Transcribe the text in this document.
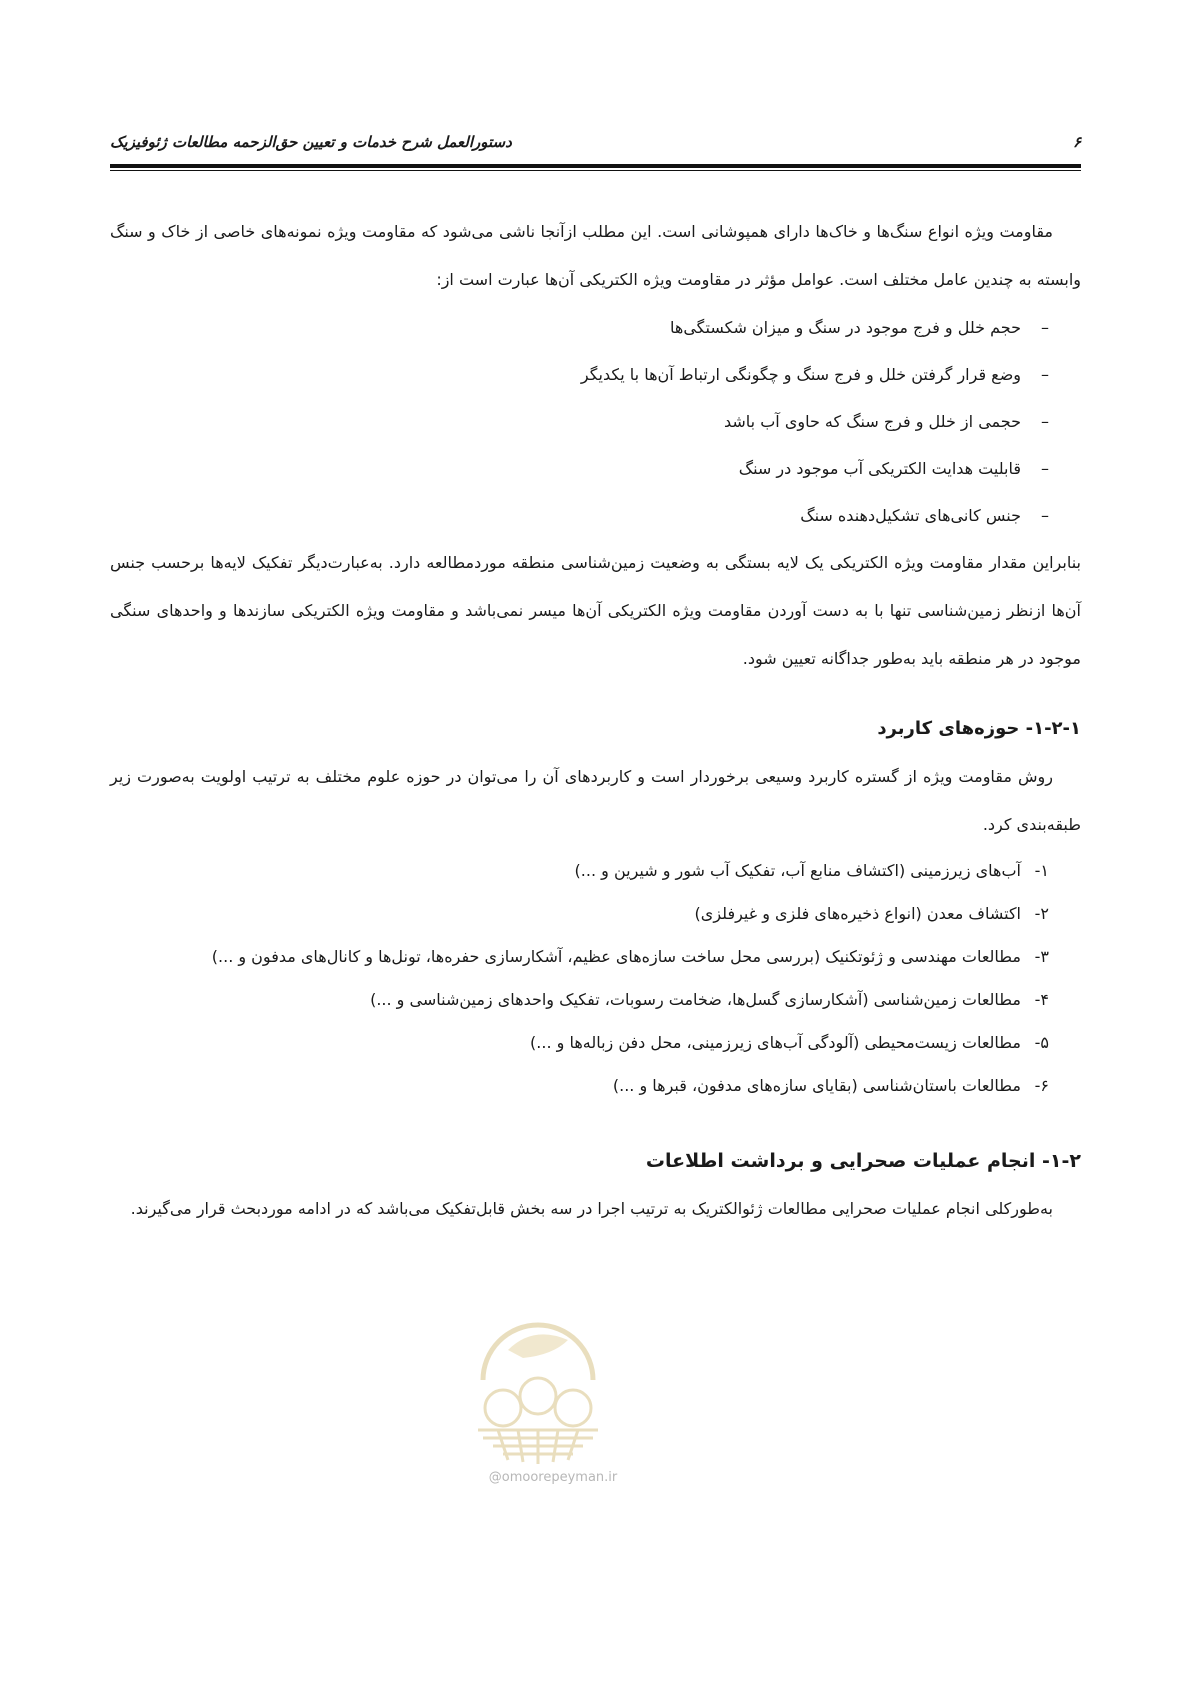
۶
دستورالعمل شرح خدمات و تعیین حق‌الزحمه مطالعات ژئوفیزیک

مقاومت ویژه انواع سنگ‌ها و خاک‌ها دارای همپوشانی است. این مطلب ازآنجا ناشی می‌شود که مقاومت ویژه نمونه‌های خاصی از خاک و سنگ وابسته به چندین عامل مختلف است. عوامل مؤثر در مقاومت ویژه الکتریکی آن‌ها عبارت است از:

–
حجم خلل و فرج موجود در سنگ و میزان شکستگی‌ها
–
وضع قرار گرفتن خلل و فرج سنگ و چگونگی ارتباط آن‌ها با یکدیگر
–
حجمی از خلل و فرج سنگ که حاوی آب باشد
–
قابلیت هدایت الکتریکی آب موجود در سنگ
–
جنس کانی‌های تشکیل‌دهنده سنگ

بنابراین مقدار مقاومت ویژه الکتریکی یک لایه بستگی به وضعیت زمین‌شناسی منطقه موردمطالعه دارد. به‌عبارت‌دیگر تفکیک لایه‌ها برحسب جنس آن‌ها ازنظر زمین‌شناسی تنها با به دست آوردن مقاومت ویژه الکتریکی آن‌ها میسر نمی‌باشد و مقاومت ویژه الکتریکی سازندها و واحدهای سنگی موجود در هر منطقه باید به‌طور جداگانه تعیین شود.

۱-۲-۱- حوزه‌های کاربرد

روش مقاومت ویژه از گستره کاربرد وسیعی برخوردار است و کاربردهای آن را می‌توان در حوزه علوم مختلف به ترتیب اولویت به‌صورت زیر طبقه‌بندی کرد.

۱-
آب‌های زیرزمینی (اکتشاف منابع آب، تفکیک آب شور و شیرین و ...)
۲-
اکتشاف معدن (انواع ذخیره‌های فلزی و غیرفلزی)
۳-
مطالعات مهندسی و ژئوتکنیک (بررسی محل ساخت سازه‌های عظیم، آشکارسازی حفره‌ها، تونل‌ها و کانال‌های مدفون و ...)
۴-
مطالعات زمین‌شناسی (آشکارسازی گسل‌ها، ضخامت رسوبات، تفکیک واحدهای زمین‌شناسی و ...)
۵-
مطالعات زیست‌محیطی (آلودگی آب‌های زیرزمینی، محل دفن زباله‌ها و ...)
۶-
مطالعات باستان‌شناسی (بقایای سازه‌های مدفون، قبرها و ...)
۱-۲- انجام عملیات صحرایی و برداشت اطلاعات

به‌طورکلی انجام عملیات صحرایی مطالعات ژئوالکتریک به ترتیب اجرا در سه بخش قابل‌تفکیک می‌باشد که در ادامه موردبحث قرار می‌گیرند.

@omoorepeyman.ir
